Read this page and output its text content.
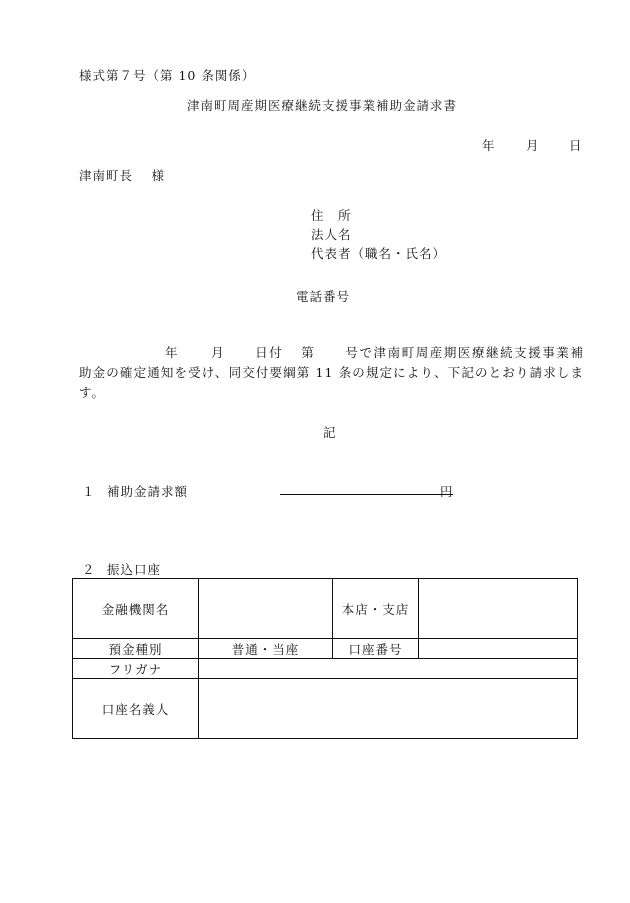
様式第７号（第 10 条関係）
津南町周産期医療継続支援事業補助金請求書
年	月 日
津南町長　 様
住　所
法人名
代表者（職名・氏名）
電話番号
年	月 日付 第 号で津南町周産期医療継続支援事業補助金の確定通知を受け、同交付要綱第 11 条の規定により、下記のとおり請求します。
記
１ 補助金請求額	円
２ 振込口座
金融機関名		本店・支店	
預金種別	普通・当座	口座番号	
フリガナ			
口座名義人			
